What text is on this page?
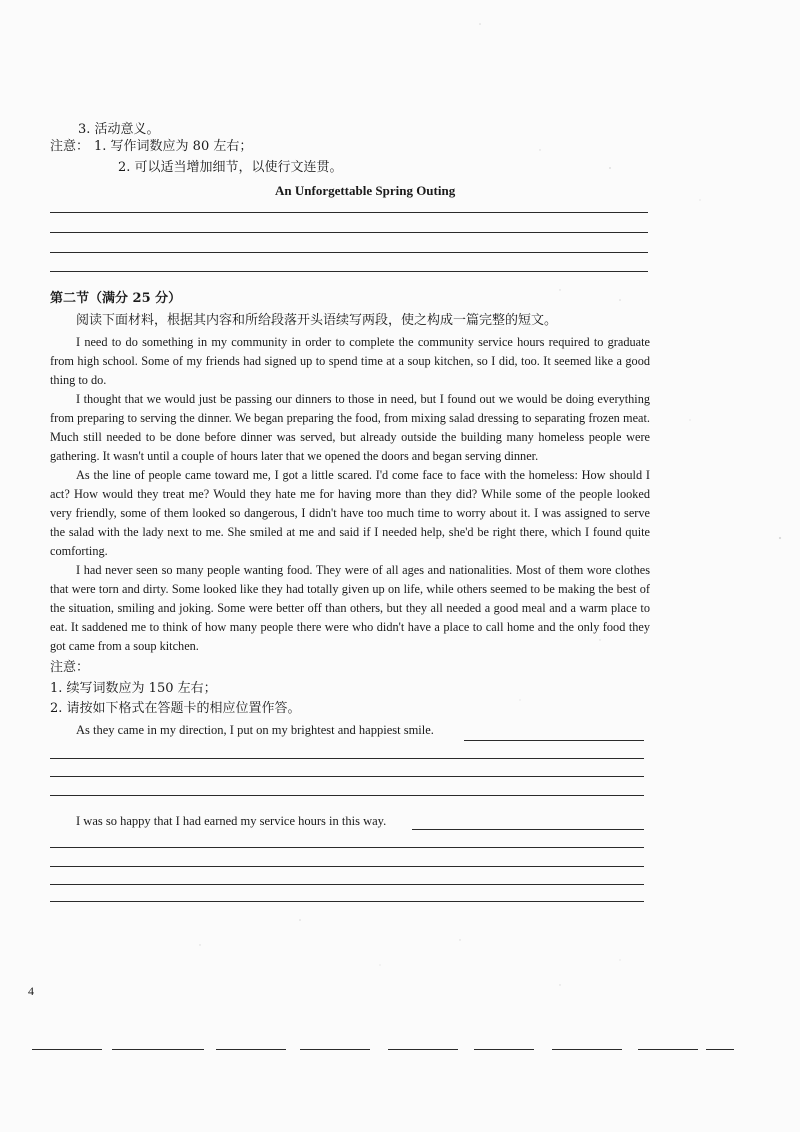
3. 活动意义。
注意： 1. 写作词数应为 80 左右；
2. 可以适当增加细节，以使行文连贯。
An Unforgettable Spring Outing
第二节（满分 25 分）
阅读下面材料，根据其内容和所给段落开头语续写两段，使之构成一篇完整的短文。

I need to do something in my community in order to complete the community service hours required to graduate from high school. Some of my friends had signed up to spend time at a soup kitchen, so I did, too. It seemed like a good thing to do.

I thought that we would just be passing our dinners to those in need, but I found out we would be doing everything from preparing to serving the dinner. We began preparing the food, from mixing salad dressing to separating frozen meat. Much still needed to be done before dinner was served, but already outside the building many homeless people were gathering. It wasn't until a couple of hours later that we opened the doors and began serving dinner.

As the line of people came toward me, I got a little scared. I'd come face to face with the homeless: How should I act? How would they treat me? Would they hate me for having more than they did? While some of the people looked very friendly, some of them looked so dangerous, I didn't have too much time to worry about it. I was assigned to serve the salad with the lady next to me. She smiled at me and said if I needed help, she'd be right there, which I found quite comforting.

I had never seen so many people wanting food. They were of all ages and nationalities. Most of them wore clothes that were torn and dirty. Some looked like they had totally given up on life, while others seemed to be making the best of the situation, smiling and joking. Some were better off than others, but they all needed a good meal and a warm place to eat. It saddened me to think of how many people there were who didn't have a place to call home and the only food they got came from a soup kitchen.

注意：
1. 续写词数应为 150 左右；
2. 请按如下格式在答题卡的相应位置作答。
As they came in my direction, I put on my brightest and happiest smile.
I was so happy that I had earned my service hours in this way.
4
